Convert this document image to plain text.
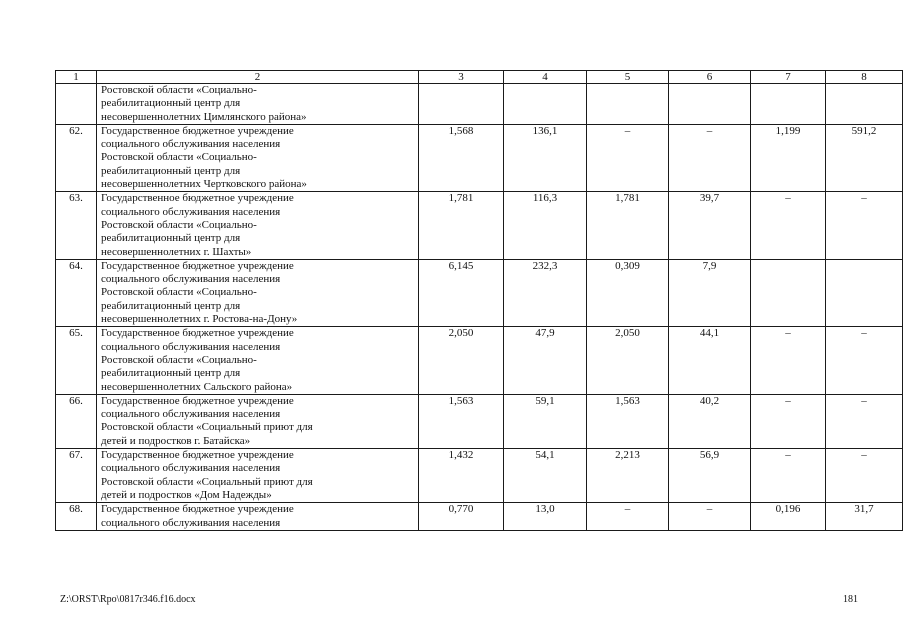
1	2	3	4	5	6	7	8
	Ростовской области «Социально-
реабилитационный центр для
несовершеннолетних Цимлянского района»						
62.	Государственное бюджетное учреждение
социального обслуживания населения
Ростовской области «Социально-
реабилитационный центр для
несовершеннолетних Чертковского района»	1,568	136,1	–	–	1,199	591,2
63.	Государственное бюджетное учреждение
социального обслуживания населения
Ростовской области «Социально-
реабилитационный центр для
несовершеннолетних г. Шахты»	1,781	116,3	1,781	39,7	–	–
64.	Государственное бюджетное учреждение
социального обслуживания населения
Ростовской области «Социально-
реабилитационный центр для
несовершеннолетних г. Ростова-на-Дону»	6,145	232,3	0,309	7,9		
65.	Государственное бюджетное учреждение
социального обслуживания населения
Ростовской области «Социально-
реабилитационный центр для
несовершеннолетних Сальского района»	2,050	47,9	2,050	44,1	–	–
66.	Государственное бюджетное учреждение
социального обслуживания населения
Ростовской области «Социальный приют для
детей и подростков г. Батайска»	1,563	59,1	1,563	40,2	–	–
67.	Государственное бюджетное учреждение
социального обслуживания населения
Ростовской области «Социальный приют для
детей и подростков «Дом Надежды»	1,432	54,1	2,213	56,9	–	–
68.	Государственное бюджетное учреждение
социального обслуживания населения	0,770	13,0	–	–	0,196	31,7
Z:\ORST\Rpo\0817r346.f16.docx	181
